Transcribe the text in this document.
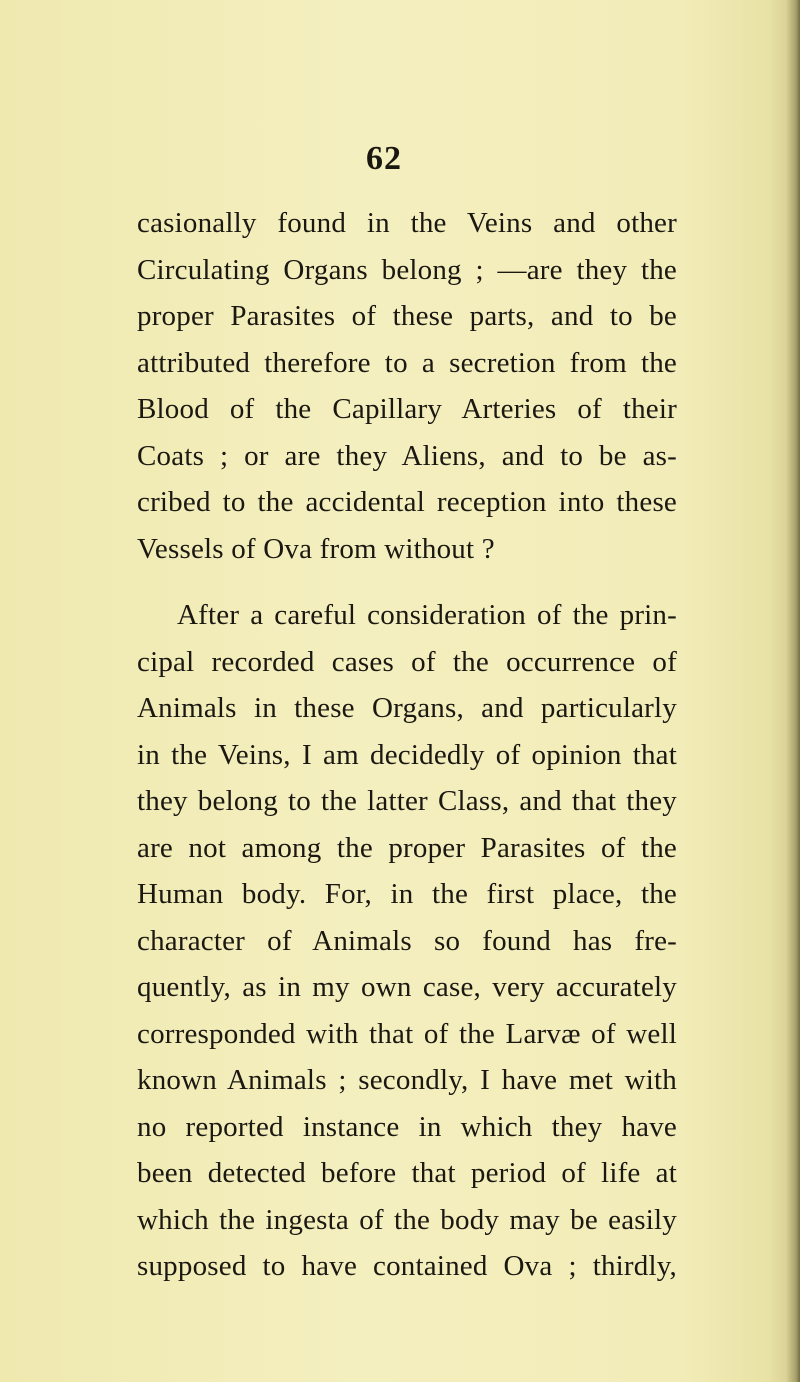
62
casionally found in the Veins and other
Circulating Organs belong ; —are they the
proper Parasites of these parts, and to be
attributed therefore to a secretion from the
Blood of the Capillary Arteries of their
Coats ; or are they Aliens, and to be as-
cribed to the accidental reception into these
Vessels of Ova from without ?
After a careful consideration of the prin-
cipal recorded cases of the occurrence of
Animals in these Organs, and particularly
in the Veins, I am decidedly of opinion that
they belong to the latter Class, and that they
are not among the proper Parasites of the
Human body. For, in the first place, the
character of Animals so found has fre-
quently, as in my own case, very accurately
corresponded with that of the Larvæ of well
known Animals ; secondly, I have met with
no reported instance in which they have
been detected before that period of life at
which the ingesta of the body may be easily
supposed to have contained Ova ; thirdly,
